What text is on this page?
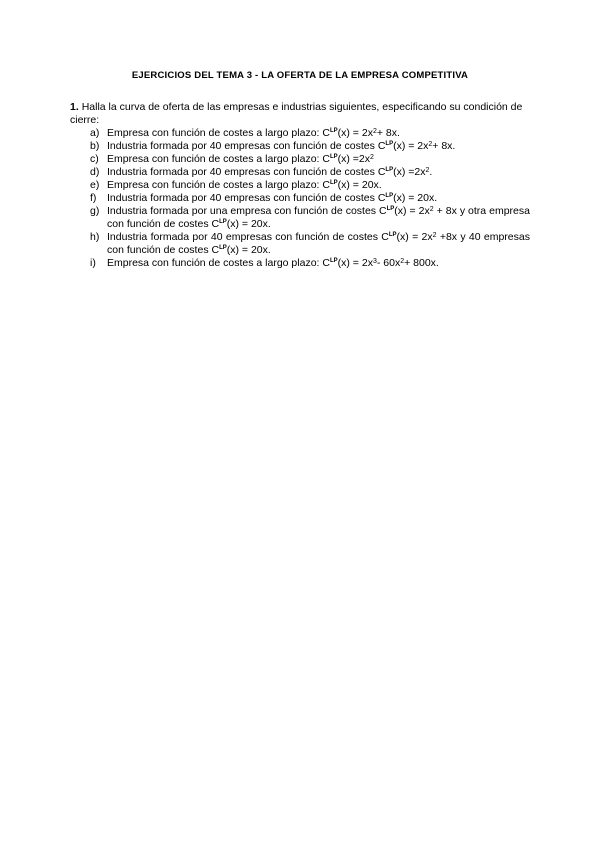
EJERCICIOS DEL TEMA 3 - LA OFERTA DE LA EMPRESA COMPETITIVA
1. Halla la curva de oferta de las empresas e industrias siguientes, especificando su condición de cierre:
a) Empresa con función de costes a largo plazo: $C^{LP}(x) = 2x^2+ 8x$.
b) Industria formada por 40 empresas con función de costes $C^{LP}(x) = 2x^2+ 8x$.
c) Empresa con función de costes a largo plazo: $C^{LP}(x) =2x^2$
d) Industria formada por 40 empresas con función de costes $C^{LP}(x) =2x^2$.
e) Empresa con función de costes a largo plazo: $C^{LP}(x) = 20x$.
f) Industria formada por 40 empresas con función de costes $C^{LP}(x) = 20x$.
g) Industria formada por una empresa con función de costes $C^{LP}(x) = 2x^2 + 8x$ y otra empresa con función de costes $C^{LP}(x) = 20x$.
h) Industria formada por 40 empresas con función de costes $C^{LP}(x) = 2x^2 +8x$ y 40 empresas con función de costes $C^{LP}(x) = 20x$.
i) Empresa con función de costes a largo plazo: $C^{LP}(x) = 2x^3-$ $60x^2+ 800x$.
